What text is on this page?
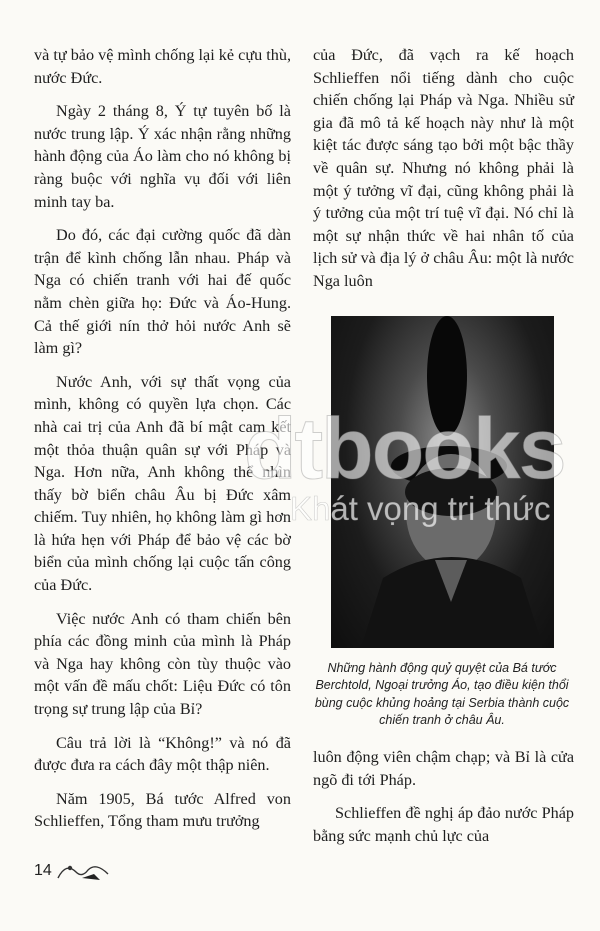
và tự bảo vệ mình chống lại kẻ cựu thù, nước Đức.

Ngày 2 tháng 8, Ý tự tuyên bố là nước trung lập. Ý xác nhận rằng những hành động của Áo làm cho nó không bị ràng buộc với nghĩa vụ đối với liên minh tay ba.

Do đó, các đại cường quốc đã dàn trận để kình chống lẫn nhau. Pháp và Nga có chiến tranh với hai đế quốc nằm chèn giữa họ: Đức và Áo-Hung. Cả thế giới nín thở hỏi nước Anh sẽ làm gì?

Nước Anh, với sự thất vọng của mình, không có quyền lựa chọn. Các nhà cai trị của Anh đã bí mật cam kết một thỏa thuận quân sự với Pháp và Nga. Hơn nữa, Anh không thể nhìn thấy bờ biển châu Âu bị Đức xâm chiếm. Tuy nhiên, họ không làm gì hơn là hứa hẹn với Pháp để bảo vệ các bờ biển của mình chống lại cuộc tấn công của Đức.

Việc nước Anh có tham chiến bên phía các đồng minh của mình là Pháp và Nga hay không còn tùy thuộc vào một vấn đề mấu chốt: Liệu Đức có tôn trọng sự trung lập của Bỉ?

Câu trả lời là “Không!” và nó đã được đưa ra cách đây một thập niên.

Năm 1905, Bá tước Alfred von Schlieffen, Tổng tham mưu trưởng

của Đức, đã vạch ra kế hoạch Schlieffen nổi tiếng dành cho cuộc chiến chống lại Pháp và Nga. Nhiều sử gia đã mô tả kế hoạch này như là một kiệt tác được sáng tạo bởi một bậc thầy về quân sự. Nhưng nó không phải là một ý tưởng vĩ đại, cũng không phải là ý tưởng của một trí tuệ vĩ đại. Nó chỉ là một sự nhận thức về hai nhân tố của lịch sử và địa lý ở châu Âu: một là nước Nga luôn

Những hành động quỷ quyệt của Bá tước Berchtold, Ngoại trưởng Áo, tạo điều kiện thổi bùng cuộc khủng hoảng tại Serbia thành cuộc chiến tranh ở châu Âu.

luôn động viên chậm chạp; và Bỉ là cửa ngõ đi tới Pháp.

Schlieffen đề nghị áp đảo nước Pháp bằng sức mạnh chủ lực của

14
dtbooks
Khát vọng tri thức
